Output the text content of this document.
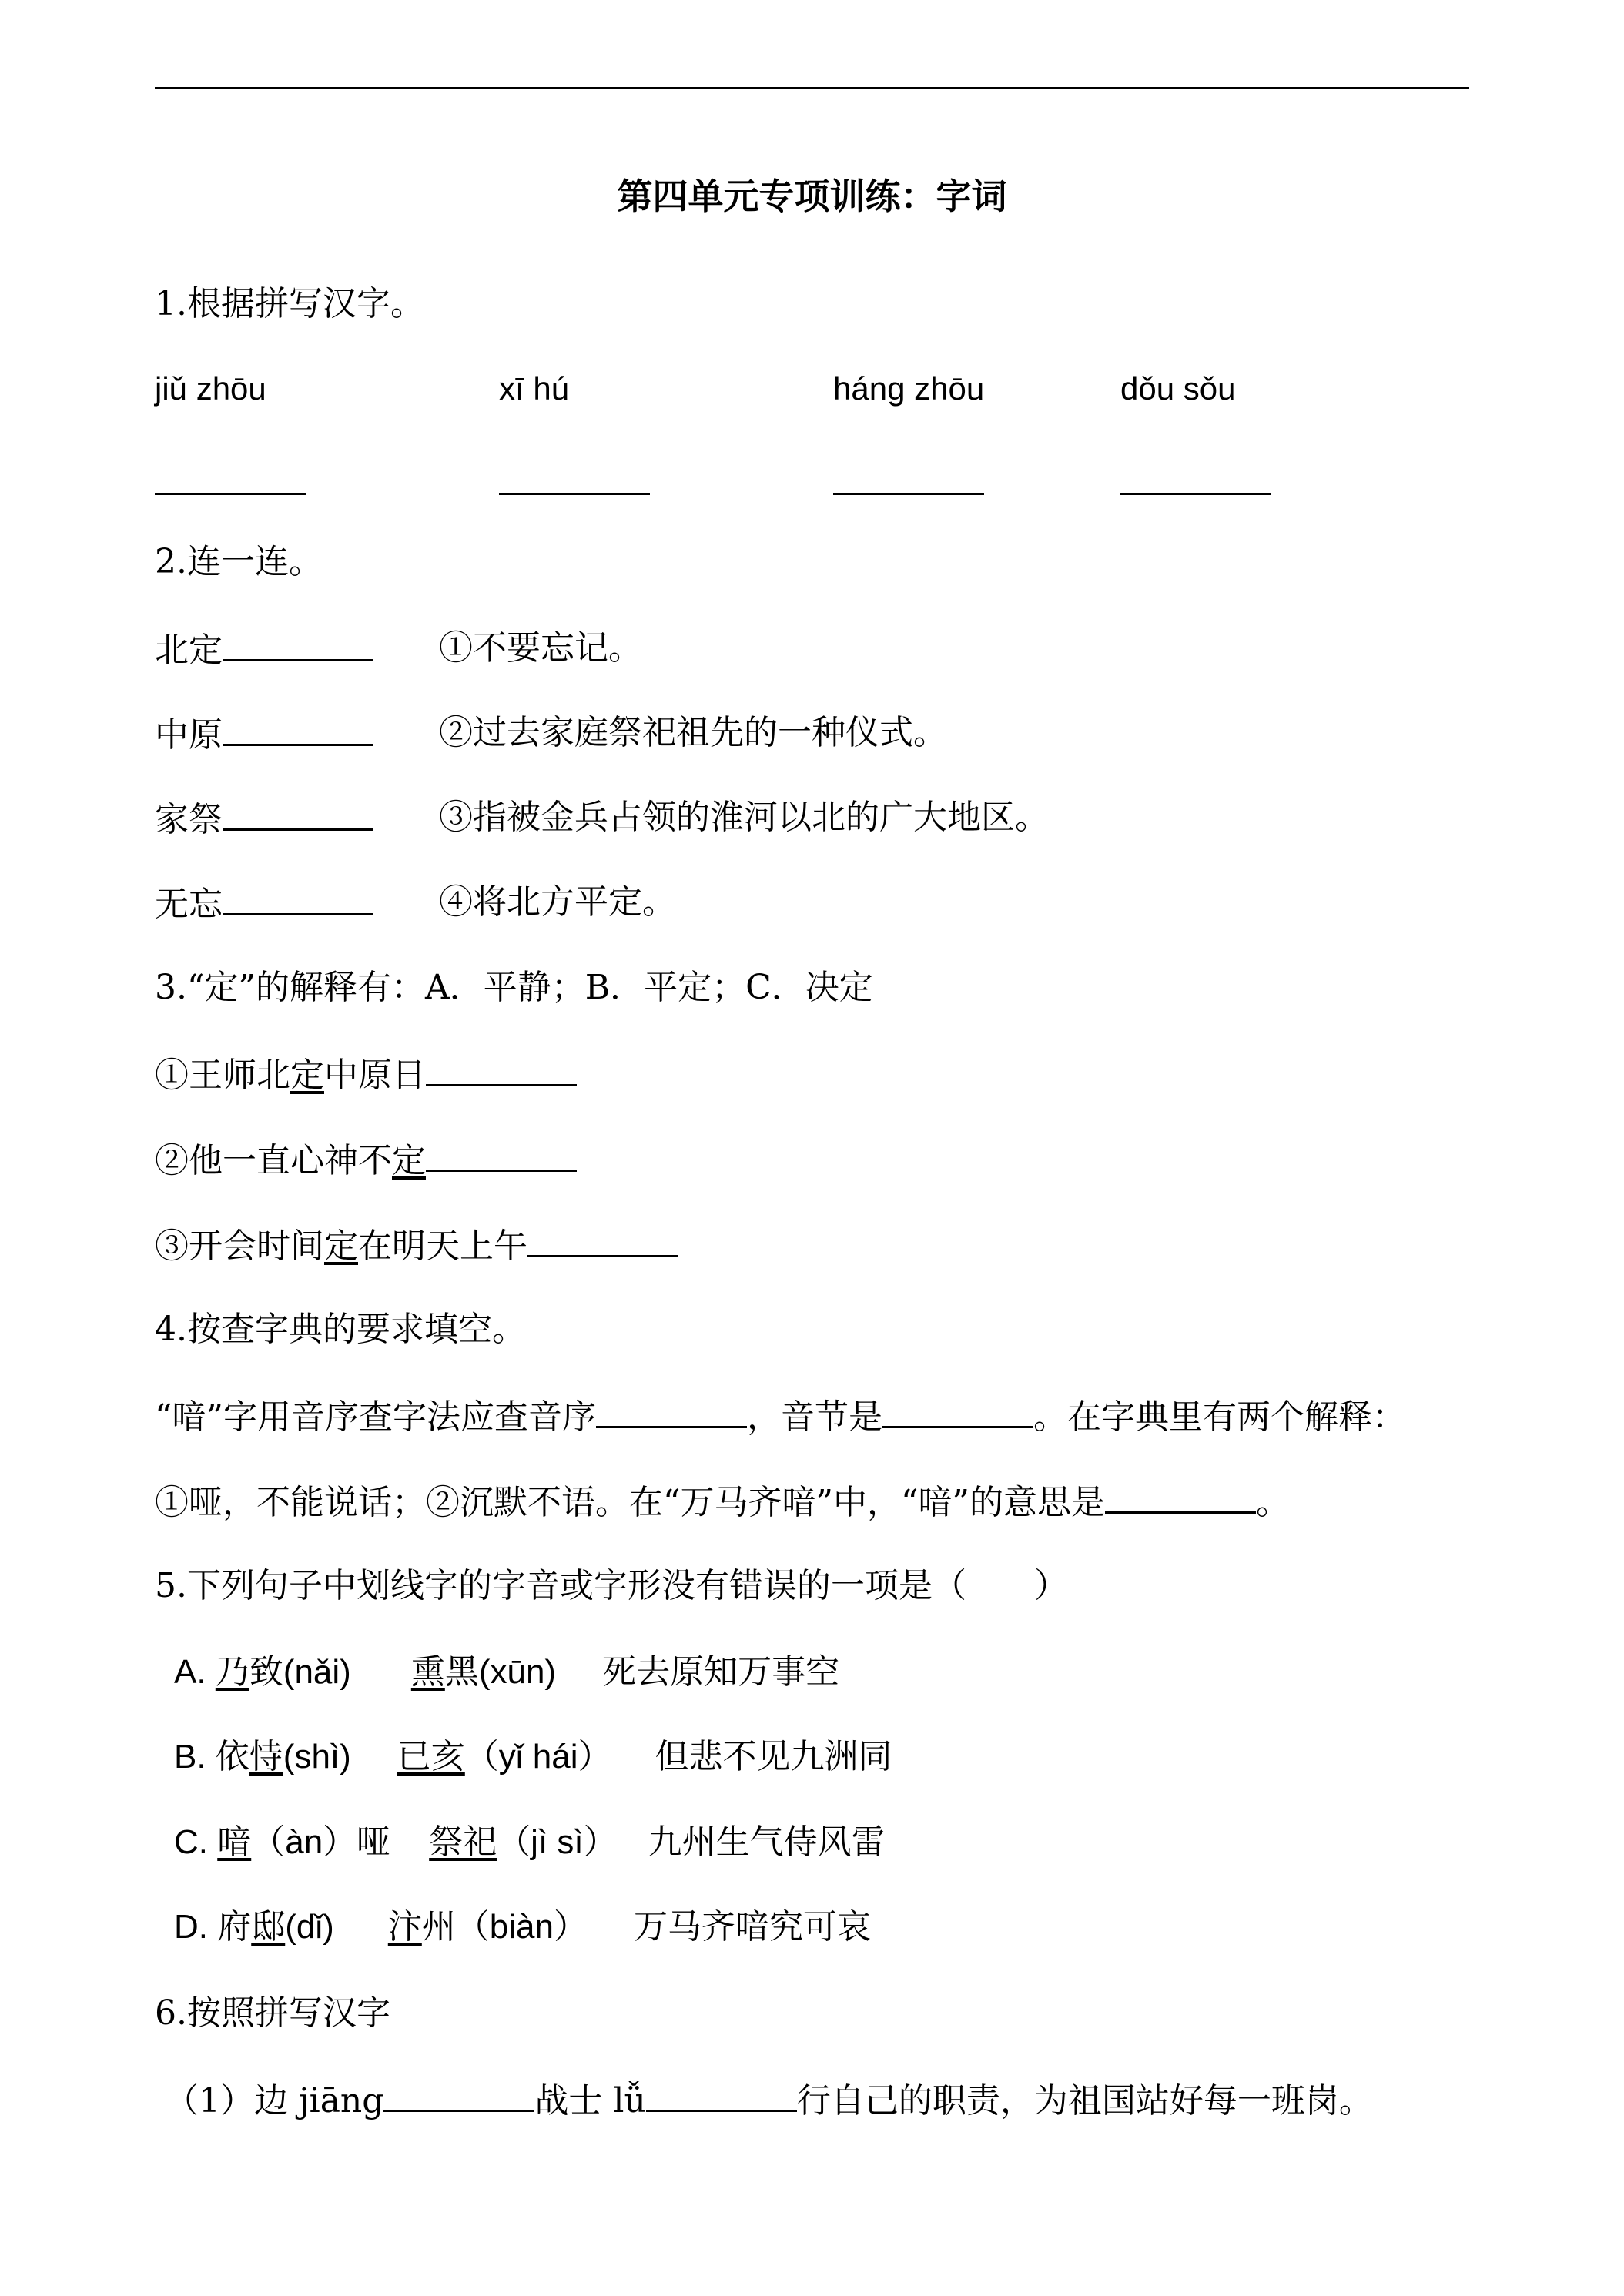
第四单元专项训练：字词
1.根据拼写汉字。
jiǔ zhōu	xī hú	háng zhōu	dǒu sǒu
2.连一连。
北定	①不要忘记。
中原	②过去家庭祭祀祖先的一种仪式。
家祭	③指被金兵占领的淮河以北的广大地区。
无忘	④将北方平定。
3.“定”的解释有：A．平静；B．平定；C．决定
①王师北定中原日
②他一直心神不定
③开会时间定在明天上午
4.按查字典的要求填空。
“喑”字用音序查字法应查音序	，音节是	。在字典里有两个解释：
①哑，不能说话；②沉默不语。在“万马齐喑”中，“喑”的意思是	。
5.下列句子中划线字的字音或字形没有错误的一项是（　　）
A. 乃致(nǎi) 熏黑(xūn) 死去原知万事空
B. 依恃(shì) 已亥（yǐ hái） 但悲不见九洲同
C. 喑（àn）哑 祭祀（jì sì） 九州生气侍风雷
D. 府邸(dǐ) 汴州（biàn） 万马齐喑究可哀
6.按照拼写汉字
（1）边 jiāng	战士 lǚ	行自己的职责，为祖国站好每一班岗。
